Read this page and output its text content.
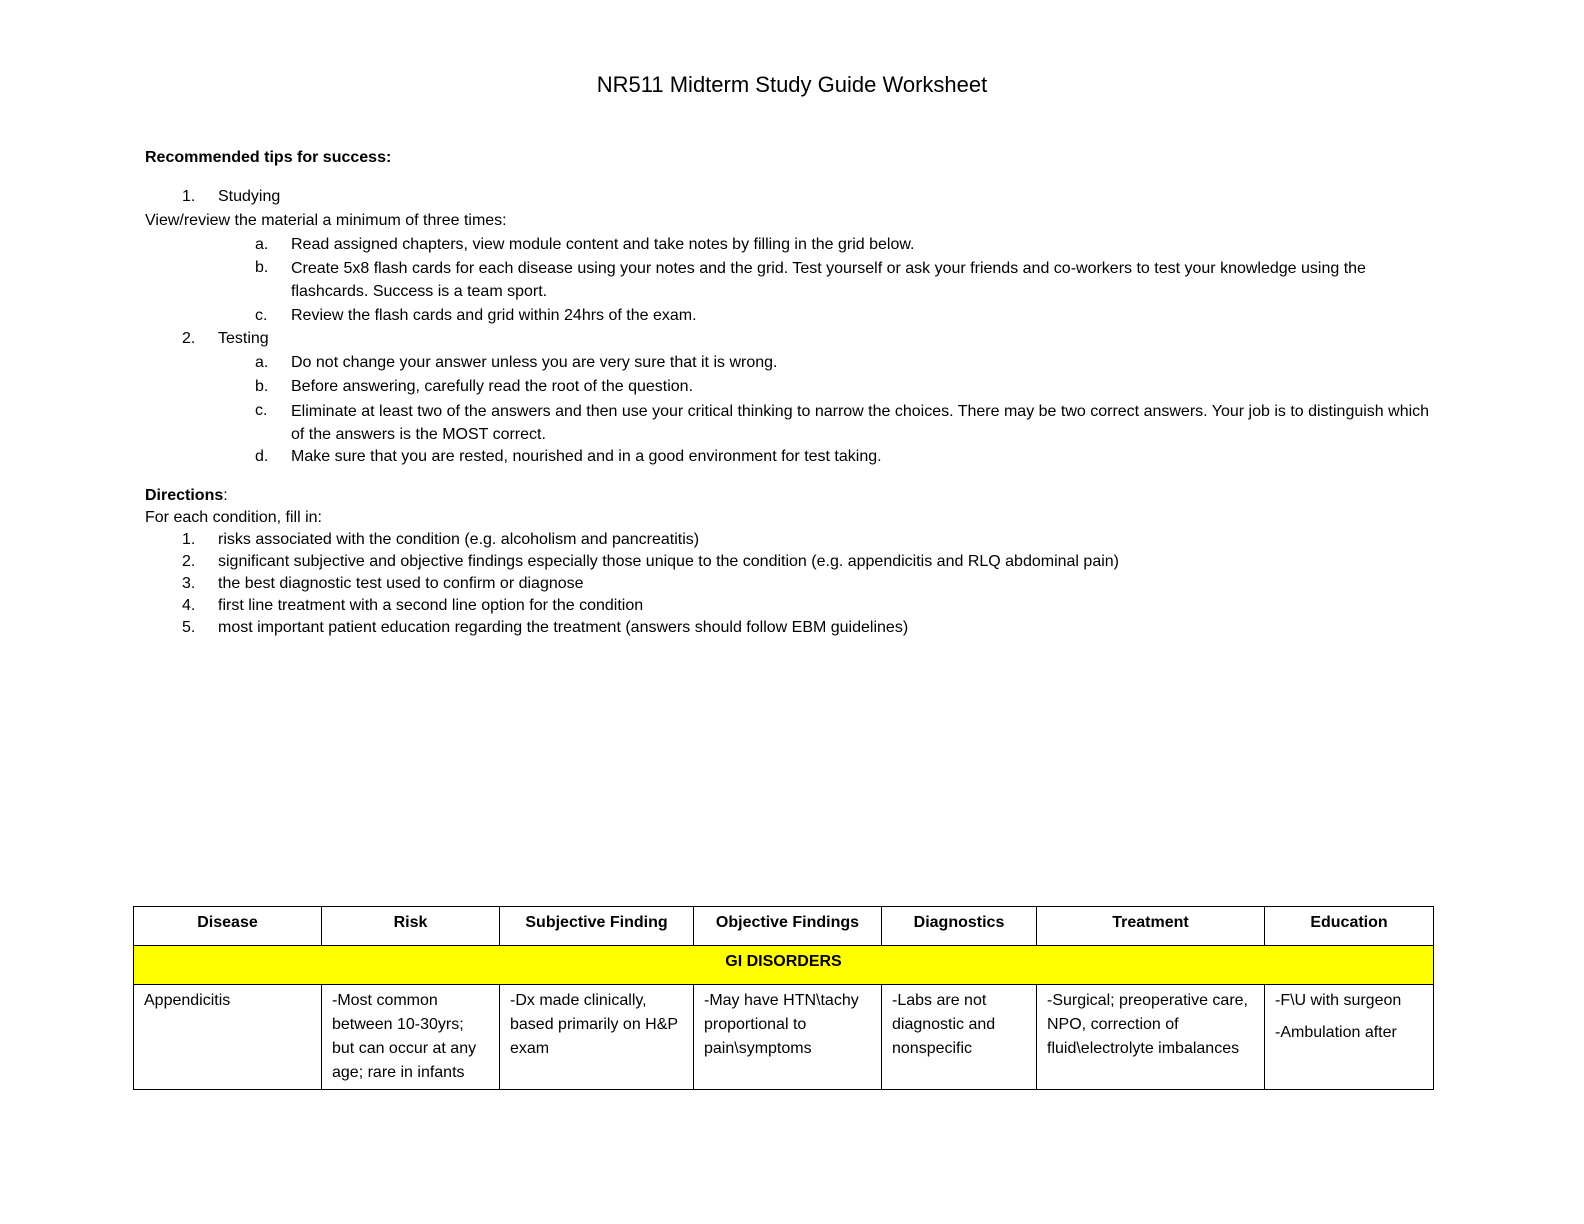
NR511 Midterm Study Guide Worksheet
Recommended tips for success:
1. Studying
View/review the material a minimum of three times:
a. Read assigned chapters, view module content and take notes by filling in the grid below.
b. Create 5x8 flash cards for each disease using your notes and the grid. Test yourself or ask your friends and co-workers to test your knowledge using the flashcards. Success is a team sport.
c. Review the flash cards and grid within 24hrs of the exam.
2. Testing
a. Do not change your answer unless you are very sure that it is wrong.
b. Before answering, carefully read the root of the question.
c. Eliminate at least two of the answers and then use your critical thinking to narrow the choices. There may be two correct answers. Your job is to distinguish which of the answers is the MOST correct.
d. Make sure that you are rested, nourished and in a good environment for test taking.
Directions:
For each condition, fill in:
1. risks associated with the condition (e.g. alcoholism and pancreatitis)
2. significant subjective and objective findings especially those unique to the condition (e.g. appendicitis and RLQ abdominal pain)
3. the best diagnostic test used to confirm or diagnose
4. first line treatment with a second line option for the condition
5. most important patient education regarding the treatment (answers should follow EBM guidelines)
Disease	Risk	Subjective Finding	Objective Findings	Diagnostics	Treatment	Education
GI DISORDERS						
Appendicitis	-Most common between 10-30yrs; but can occur at any age; rare in infants	-Dx made clinically, based primarily on H&P exam	-May have HTN\tachy proportional to pain\symptoms	-Labs are not diagnostic and nonspecific	-Surgical; preoperative care, NPO, correction of fluid\electrolyte imbalances	-F\U with surgeon
-Ambulation after
